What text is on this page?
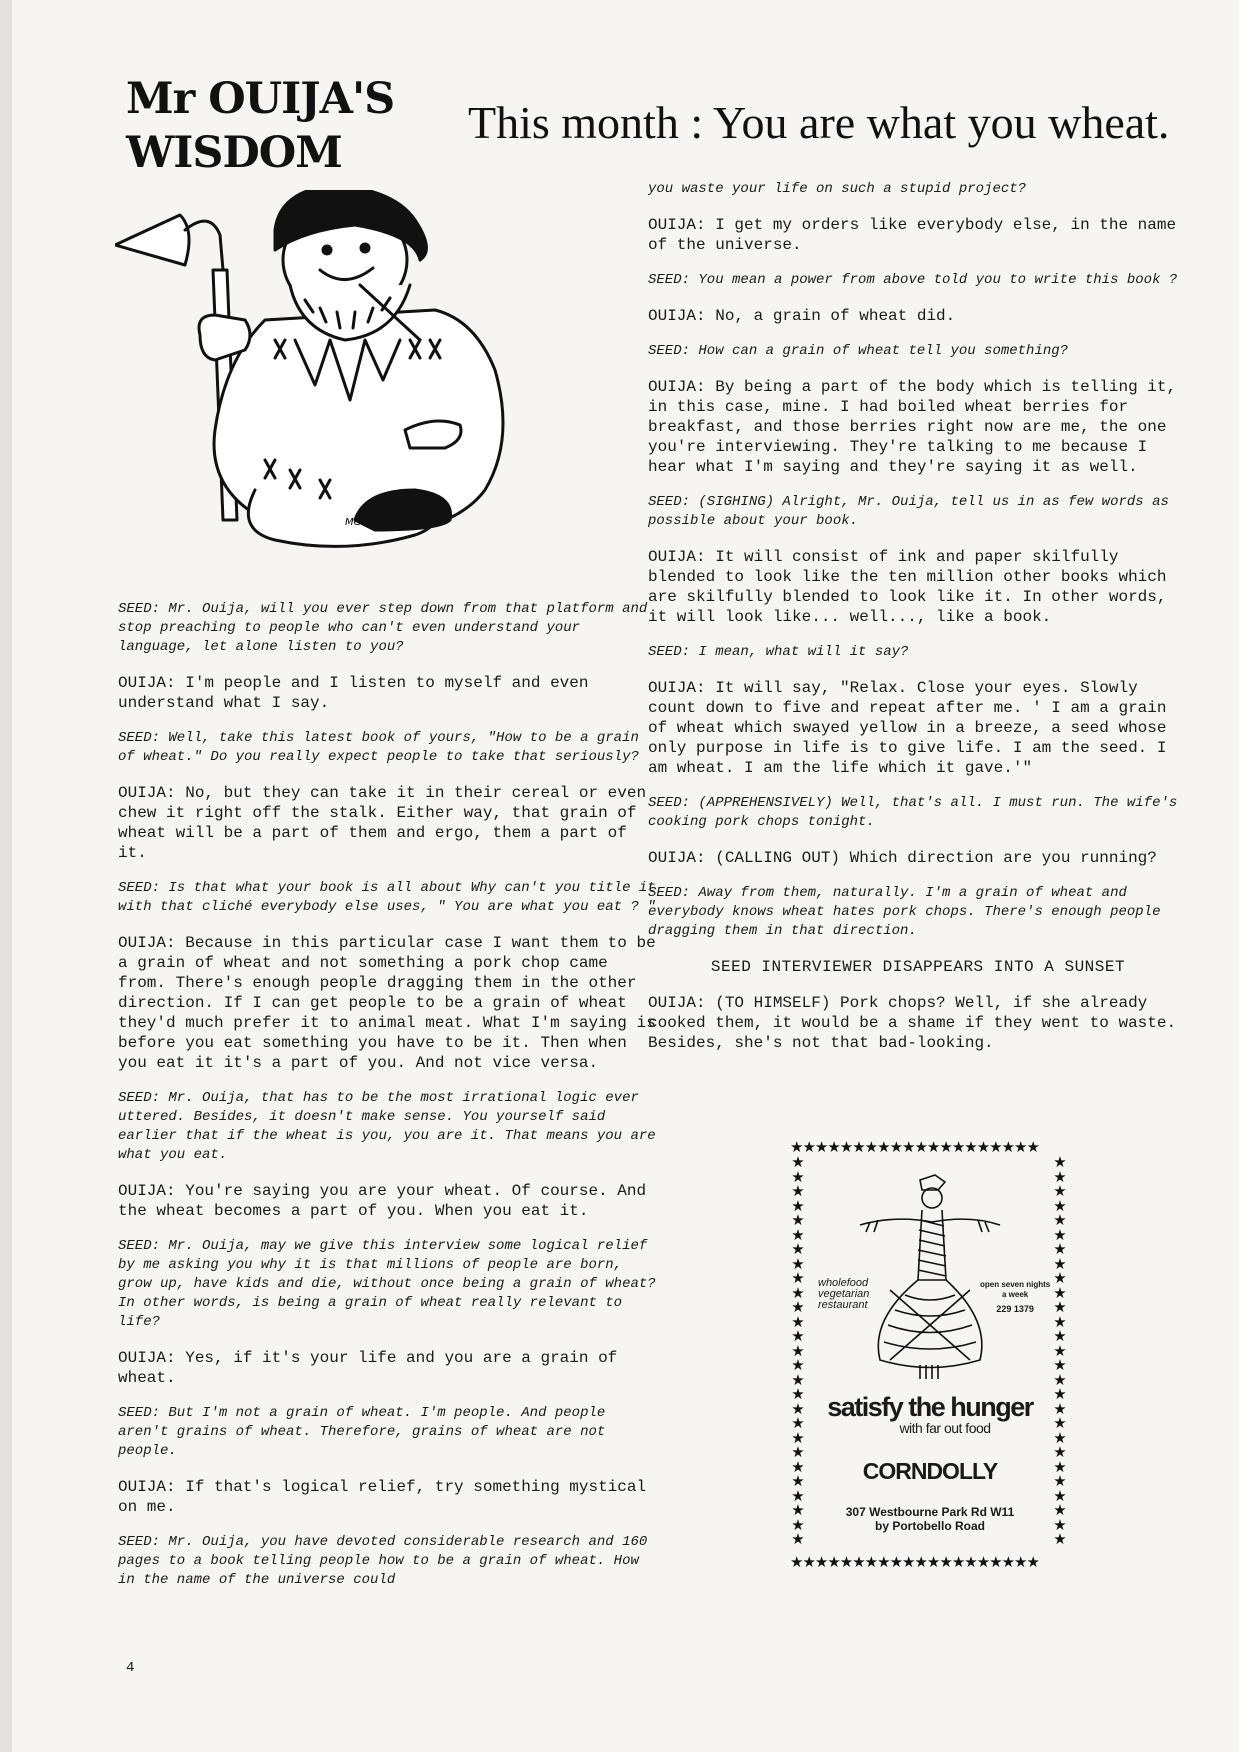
Mr OUIJA'S
WISDOM
This month : You are what you wheat.
MG

SEED: Mr. Ouija, will you ever step down from that platform and stop preaching to people who can't even understand your language, let alone listen to you?

OUIJA: I'm people and I listen to myself and even understand what I say.

SEED: Well, take this latest book of yours, "How to be a grain of wheat." Do you really expect people to take that seriously?

OUIJA: No, but they can take it in their cereal or even chew it right off the stalk. Either way, that grain of wheat will be a part of them and ergo, them a part of it.

SEED: Is that what your book is all about Why can't you title it with that cliché everybody else uses, " You are what you eat ? "

OUIJA: Because in this particular case I want them to be a grain of wheat and not something a pork chop came from. There's enough people dragging them in the other direction. If I can get people to be a grain of wheat they'd much prefer it to animal meat. What I'm saying is before you eat something you have to be it. Then when you eat it it's a part of you. And not vice versa.

SEED: Mr. Ouija, that has to be the most irrational logic ever uttered. Besides, it doesn't make sense. You yourself said earlier that if the wheat is you, you are it. That means you are what you eat.

OUIJA: You're saying you are your wheat. Of course. And the wheat becomes a part of you. When you eat it.

SEED: Mr. Ouija, may we give this interview some logical relief by me asking you why it is that millions of people are born, grow up, have kids and die, without once being a grain of wheat? In other words, is being a grain of wheat really relevant to life?

OUIJA: Yes, if it's your life and you are a grain of wheat.

SEED: But I'm not a grain of wheat. I'm people. And people aren't grains of wheat. Therefore, grains of wheat are not people.

OUIJA: If that's logical relief, try something mystical on me.

SEED: Mr. Ouija, you have devoted considerable research and 160 pages to a book telling people how to be a grain of wheat. How in the name of the universe could

you waste your life on such a stupid project?

OUIJA: I get my orders like everybody else, in the name of the universe.

SEED: You mean a power from above told you to write this book ?

OUIJA: No, a grain of wheat did.

SEED: How can a grain of wheat tell you something?

OUIJA: By being a part of the body which is telling it, in this case, mine. I had boiled wheat berries for breakfast, and those berries right now are me, the one you're interviewing. They're talking to me because I hear what I'm saying and they're saying it as well.

SEED: (SIGHING) Alright, Mr. Ouija, tell us in as few words as possible about your book.

OUIJA: It will consist of ink and paper skilfully blended to look like the ten million other books which are skilfully blended to look like it. In other words, it will look like... well..., like a book.

SEED: I mean, what will it say?

OUIJA: It will say, "Relax. Close your eyes. Slowly count down to five and repeat after me. ' I am a grain of wheat which swayed yellow in a breeze, a seed whose only purpose in life is to give life. I am the seed. I am wheat. I am the life which it gave.'"

SEED: (APPREHENSIVELY) Well, that's all. I must run. The wife's cooking pork chops tonight.

OUIJA: (CALLING OUT) Which direction are you running?

SEED: Away from them, naturally. I'm a grain of wheat and everybody knows wheat hates pork chops. There's enough people dragging them in that direction.

SEED INTERVIEWER DISAPPEARS INTO A SUNSET

OUIJA: (TO HIMSELF) Pork chops? Well, if she already cooked them, it would be a shame if they went to waste. Besides, she's not that bad-looking.

★★★★★★★★★★★★★★★★★★★★
★★★★★★★★★★★★★★★★★★★★
★
★
★
★
★
★
★
★
★
★
★
★
★
★
★
★
★
★
★
★
★
★
★
★
★
★
★
★
★
★
★
★
★
★
★
★
★
★
★
★
★
★
★
★
★
★
★
★
★
★
★
★
★
★
wholefood
vegetarian
restaurant
open seven nights
a week
229 1379
satisfy the hunger
with far out food
CORNDOLLY
307 Westbourne Park Rd W11
by Portobello Road
4
